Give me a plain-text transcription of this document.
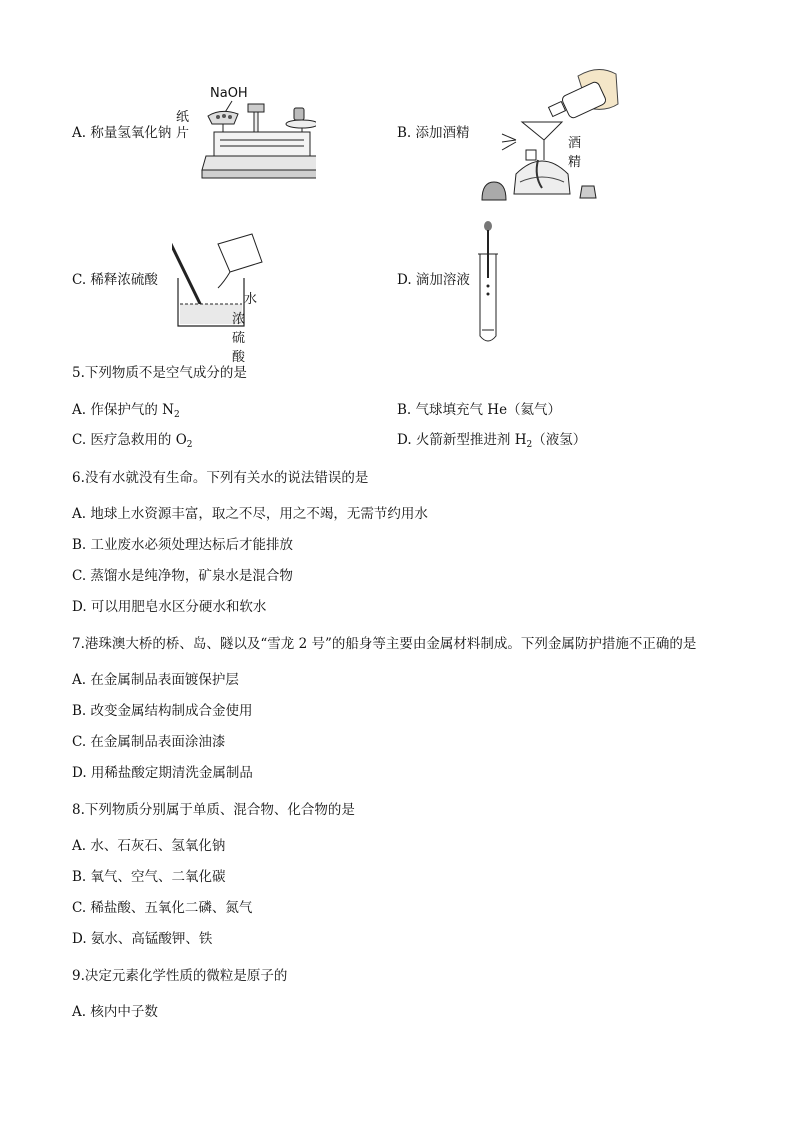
A. 称量氢氧化钠
NaOH
纸
片	B. 添加酒精
酒精
C. 稀释浓硫酸
水
浓硫酸
D. 滴加溶液
5.下列物质不是空气成分的是
A. 作保护气的 $N_2$	B. 气球填充气 He（氦气）
C. 医疗急救用的 $O_2$	D. 火箭新型推进剂 $H_2$（液氢）
6.没有水就没有生命。下列有关水的说法错误的是
A. 地球上水资源丰富，取之不尽，用之不竭，无需节约用水
B. 工业废水必须处理达标后才能排放
C. 蒸馏水是纯净物，矿泉水是混合物
D. 可以用肥皂水区分硬水和软水
7.港珠澳大桥的桥、岛、隧以及“雪龙 2 号”的船身等主要由金属材料制成。下列金属防护措施不正确的是
A. 在金属制品表面镀保护层
B. 改变金属结构制成合金使用
C. 在金属制品表面涂油漆
D. 用稀盐酸定期清洗金属制品
8.下列物质分别属于单质、混合物、化合物的是
A. 水、石灰石、氢氧化钠
B. 氧气、空气、二氧化碳
C. 稀盐酸、五氧化二磷、氮气
D. 氨水、高锰酸钾、铁
9.决定元素化学性质的微粒是原子的
A. 核内中子数
